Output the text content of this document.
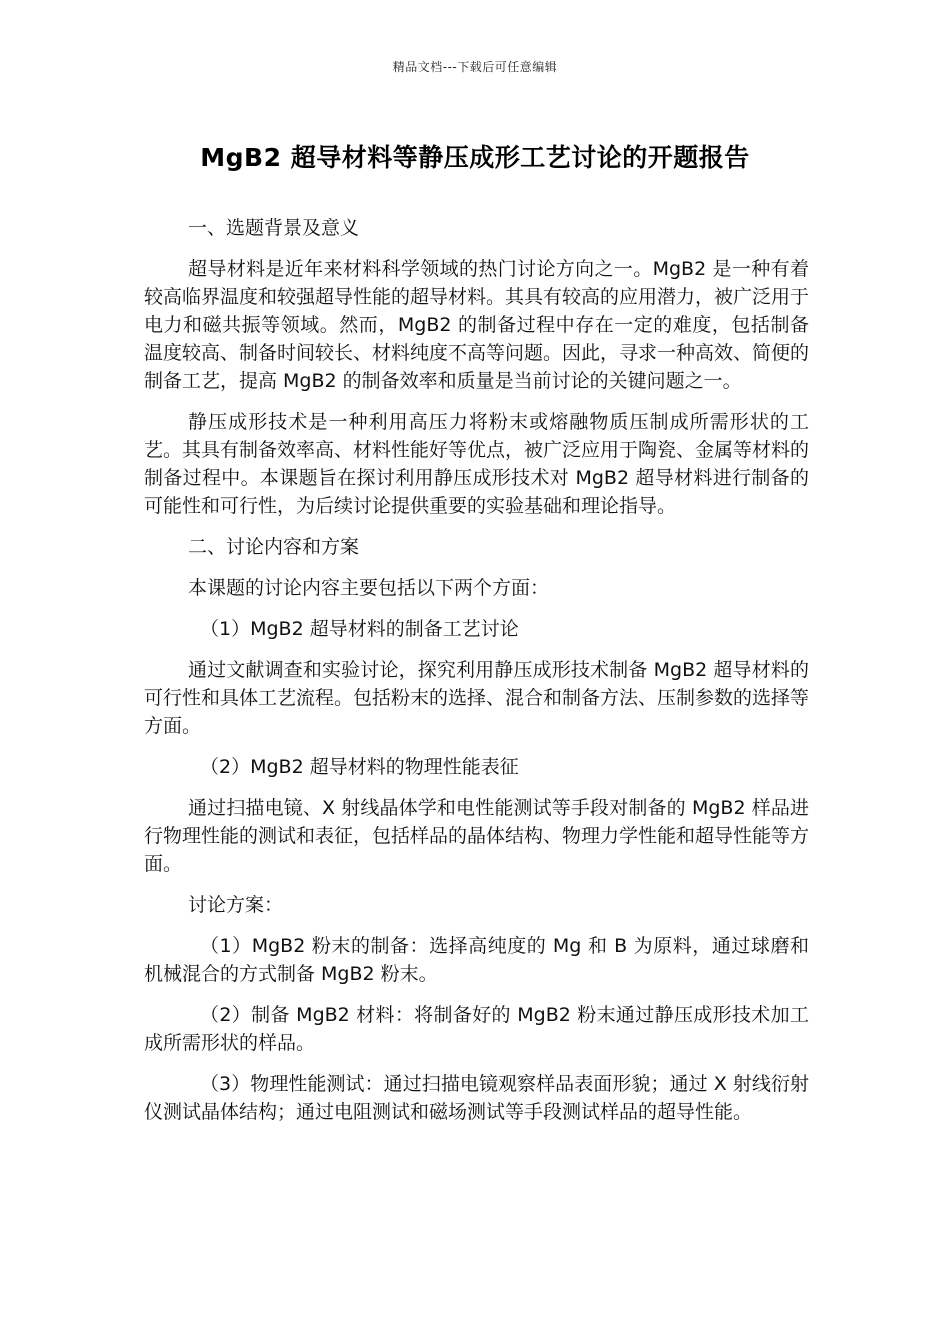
精品文档---下载后可任意编辑
MgB2 超导材料等静压成形工艺讨论的开题报告

一、选题背景及意义

超导材料是近年来材料科学领域的热门讨论方向之一。MgB2 是一种有着较高临界温度和较强超导性能的超导材料。其具有较高的应用潜力，被广泛用于电力和磁共振等领域。然而，MgB2 的制备过程中存在一定的难度，包括制备温度较高、制备时间较长、材料纯度不高等问题。因此，寻求一种高效、简便的制备工艺，提高 MgB2 的制备效率和质量是当前讨论的关键问题之一。

静压成形技术是一种利用高压力将粉末或熔融物质压制成所需形状的工艺。其具有制备效率高、材料性能好等优点，被广泛应用于陶瓷、金属等材料的制备过程中。本课题旨在探讨利用静压成形技术对 MgB2 超导材料进行制备的可能性和可行性，为后续讨论提供重要的实验基础和理论指导。

二、讨论内容和方案

本课题的讨论内容主要包括以下两个方面：

（1）MgB2 超导材料的制备工艺讨论

通过文献调查和实验讨论，探究利用静压成形技术制备 MgB2 超导材料的可行性和具体工艺流程。包括粉末的选择、混合和制备方法、压制参数的选择等方面。

（2）MgB2 超导材料的物理性能表征

通过扫描电镜、X 射线晶体学和电性能测试等手段对制备的 MgB2 样品进行物理性能的测试和表征，包括样品的晶体结构、物理力学性能和超导性能等方面。

讨论方案：

（1）MgB2 粉末的制备：选择高纯度的 Mg 和 B 为原料，通过球磨和机械混合的方式制备 MgB2 粉末。

（2）制备 MgB2 材料：将制备好的 MgB2 粉末通过静压成形技术加工成所需形状的样品。

（3）物理性能测试：通过扫描电镜观察样品表面形貌；通过 X 射线衍射仪测试晶体结构；通过电阻测试和磁场测试等手段测试样品的超导性能。
